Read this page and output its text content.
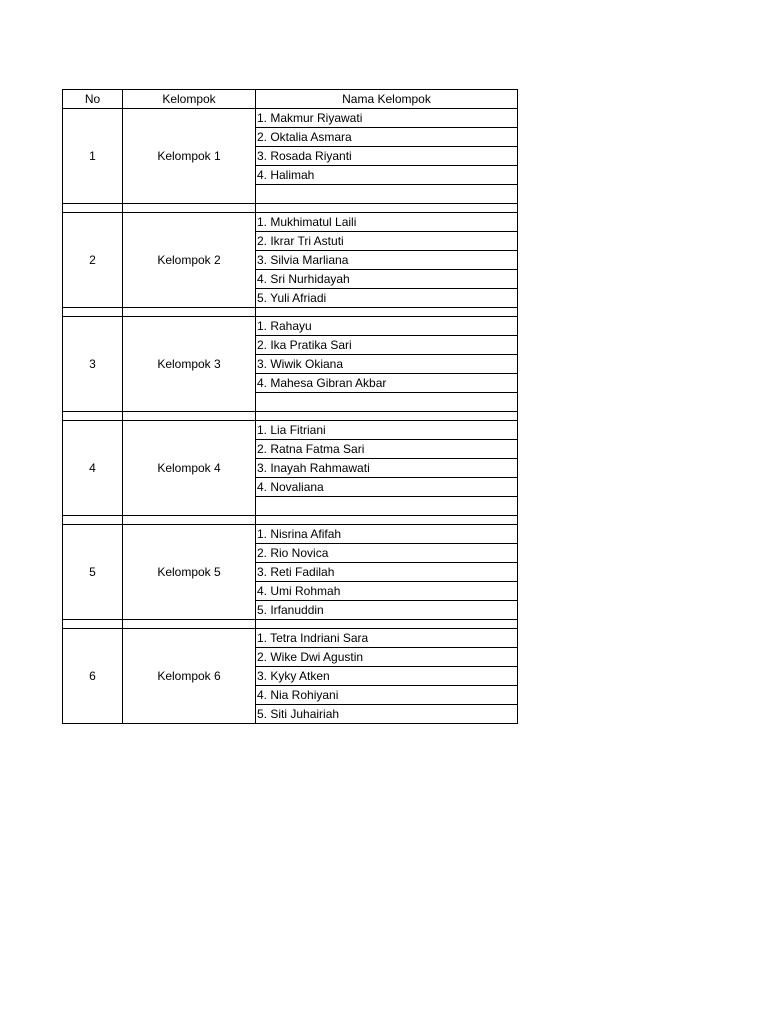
No	Kelompok	Nama Kelompok
1	Kelompok 1	1. Makmur Riyawati
		2. Oktalia Asmara
		3. Rosada Riyanti
		4. Halimah

2	Kelompok 2	1. Mukhimatul Laili
		2. Ikrar Tri Astuti
		3. Silvia Marliana
		4. Sri Nurhidayah
		5. Yuli Afriadi

3	Kelompok 3	1. Rahayu
		2. Ika Pratika Sari
		3. Wiwik Okiana
		4. Mahesa Gibran Akbar

4	Kelompok 4	1. Lia Fitriani
		2. Ratna Fatma Sari
		3. Inayah Rahmawati
		4. Novaliana

5	Kelompok 5	1. Nisrina Afifah
		2. Rio Novica
		3. Reti Fadilah
		4. Umi Rohmah
		5. Irfanuddin

6	Kelompok 6	1. Tetra Indriani Sara
		2. Wike Dwi Agustin
		3. Kyky Atken
		4. Nia Rohiyani
		5. Siti Juhairiah
